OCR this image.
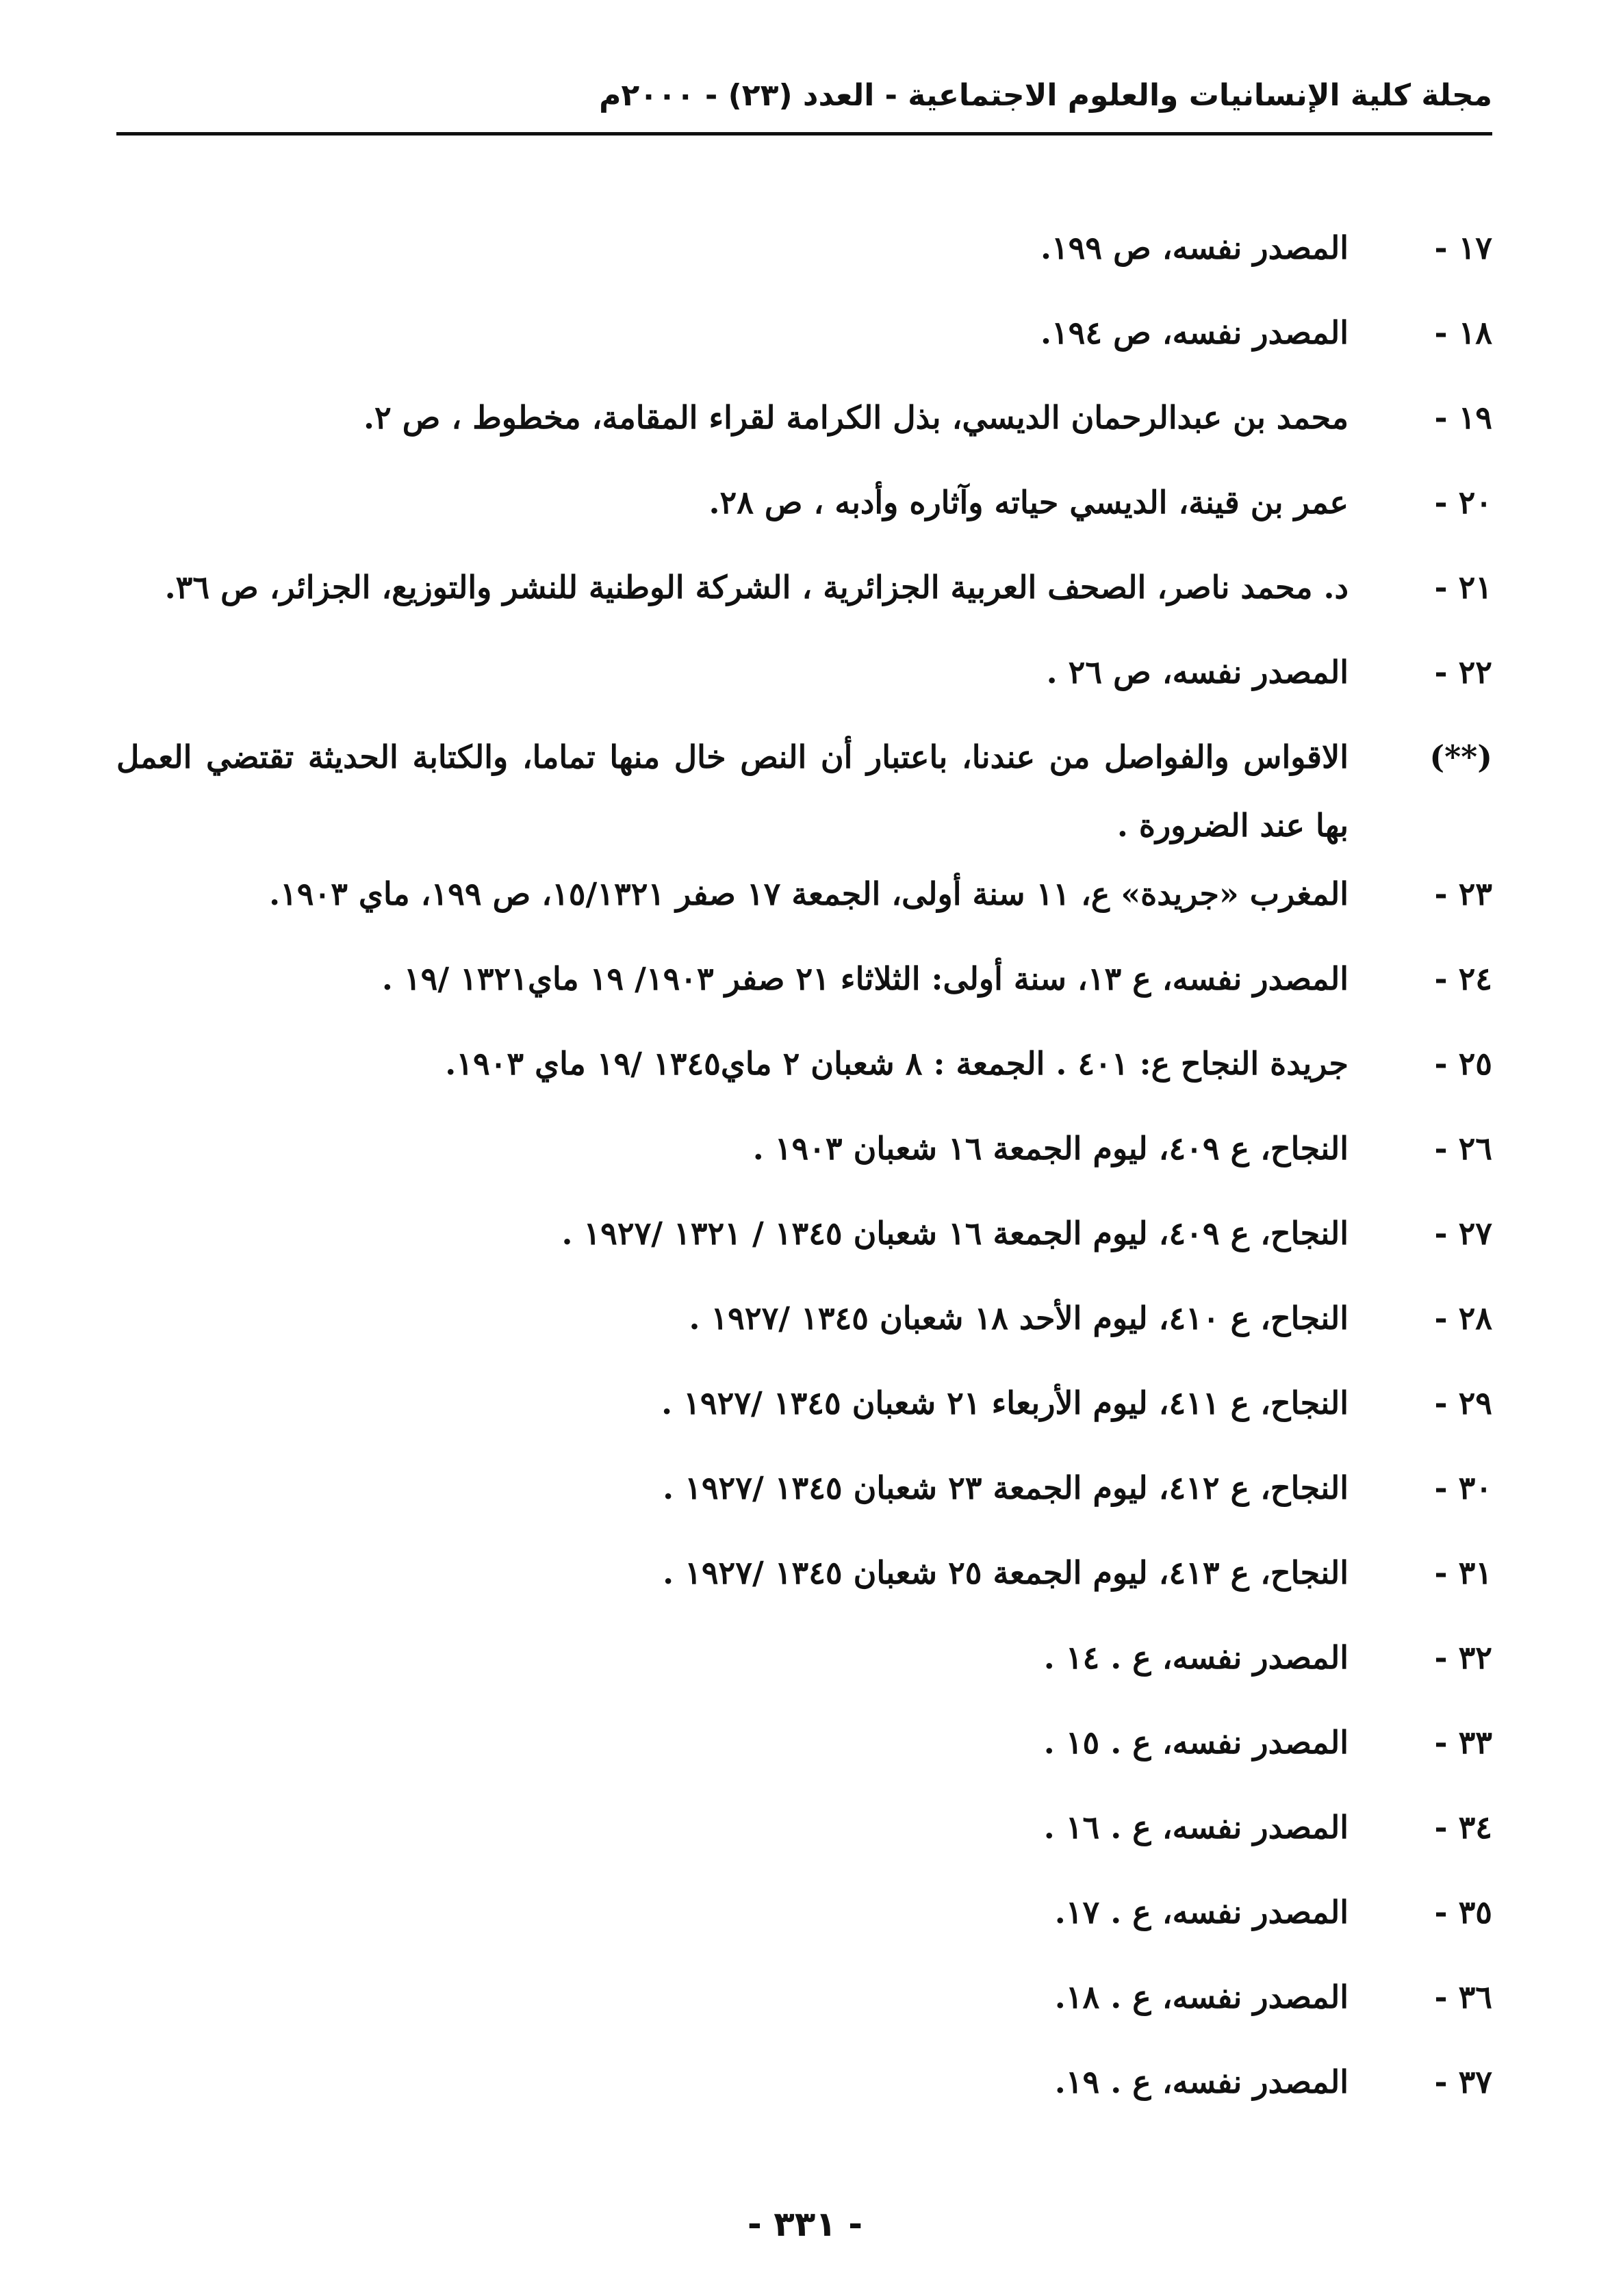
مجلة كلية الإنسانيات والعلوم الاجتماعية - العدد (٢٣) - ٢٠٠٠م
١٧ -
المصدر نفسه، ص ١٩٩.
١٨ -
المصدر نفسه، ص ١٩٤.
١٩ -
محمد بن عبدالرحمان الديسي، بذل الكرامة لقراء المقامة، مخطوط ، ص ٢.
٢٠ -
عمر بن قينة، الديسي حياته وآثاره وأدبه ، ص ٢٨.
٢١ -
د. محمد ناصر، الصحف العربية الجزائرية ، الشركة الوطنية للنشر والتوزيع، الجزائر، ص ٣٦.
٢٢ -
المصدر نفسه، ص ٢٦ .
(**)
الاقواس والفواصل من عندنا، باعتبار أن النص خال منها تماما، والكتابة الحديثة تقتضي العمل بها عند الضرورة .
٢٣ -
المغرب «جريدة» ع، ١١ سنة أولى، الجمعة ١٧ صفر ١٥/١٣٢١، ص ١٩٩، ماي ١٩٠٣.
٢٤ -
المصدر نفسه، ع ١٣، سنة أولى: الثلاثاء ٢١ صفر ١٩٠٣/ ١٩ ماي١٣٢١ /١٩ .
٢٥ -
جريدة النجاح ع: ٤٠١ . الجمعة : ٨ شعبان ٢ ماي١٣٤٥ /١٩ ماي ١٩٠٣.
٢٦ -
النجاح، ع ٤٠٩، ليوم الجمعة ١٦ شعبان ١٩٠٣ .
٢٧ -
النجاح، ع ٤٠٩، ليوم الجمعة ١٦ شعبان ١٣٤٥ / ١٣٢١ /١٩٢٧ .
٢٨ -
النجاح، ع ٤١٠، ليوم الأحد ١٨ شعبان ١٣٤٥ /١٩٢٧ .
٢٩ -
النجاح، ع ٤١١، ليوم الأربعاء ٢١ شعبان ١٣٤٥ /١٩٢٧ .
٣٠ -
النجاح، ع ٤١٢، ليوم الجمعة ٢٣ شعبان ١٣٤٥ /١٩٢٧ .
٣١ -
النجاح، ع ٤١٣، ليوم الجمعة ٢٥ شعبان ١٣٤٥ /١٩٢٧ .
٣٢ -
المصدر نفسه، ع . ١٤ .
٣٣ -
المصدر نفسه، ع . ١٥ .
٣٤ -
المصدر نفسه، ع . ١٦ .
٣٥ -
المصدر نفسه، ع . ١٧.
٣٦ -
المصدر نفسه، ع . ١٨.
٣٧ -
المصدر نفسه، ع . ١٩.
- ٣٣١ -
